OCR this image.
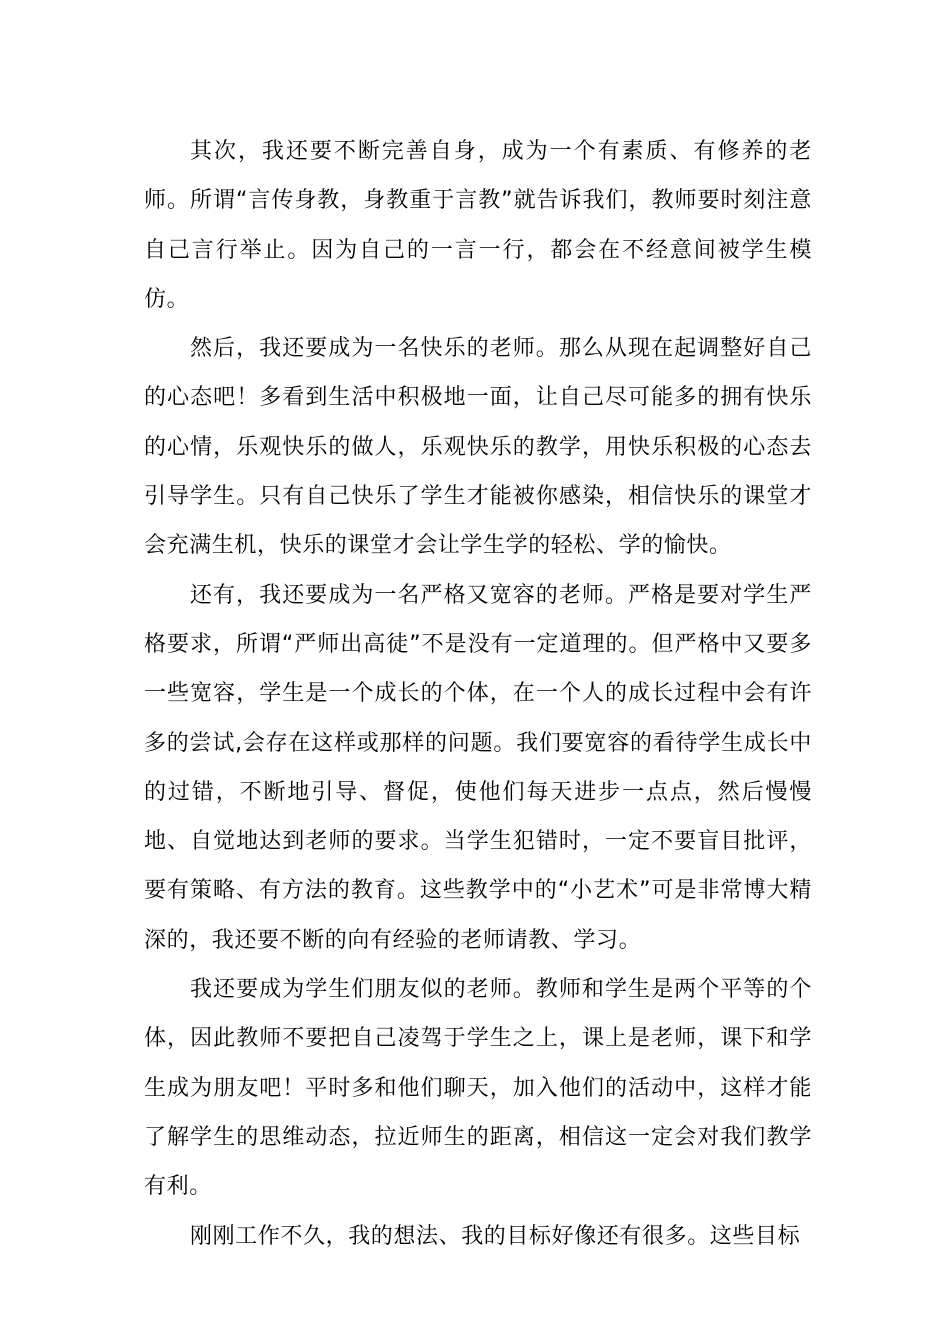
其次，我还要不断完善自身，成为一个有素质、有修养的老师。所谓“言传身教，身教重于言教”就告诉我们，教师要时刻注意自己言行举止。因为自己的一言一行，都会在不经意间被学生模仿。

然后，我还要成为一名快乐的老师。那么从现在起调整好自己的心态吧！多看到生活中积极地一面，让自己尽可能多的拥有快乐的心情，乐观快乐的做人，乐观快乐的教学，用快乐积极的心态去引导学生。只有自己快乐了学生才能被你感染，相信快乐的课堂才会充满生机，快乐的课堂才会让学生学的轻松、学的愉快。

还有，我还要成为一名严格又宽容的老师。严格是要对学生严格要求，所谓“严师出高徒”不是没有一定道理的。但严格中又要多一些宽容，学生是一个成长的个体，在一个人的成长过程中会有许多的尝试,会存在这样或那样的问题。我们要宽容的看待学生成长中的过错，不断地引导、督促，使他们每天进步一点点，然后慢慢地、自觉地达到老师的要求。当学生犯错时，一定不要盲目批评，要有策略、有方法的教育。这些教学中的“小艺术”可是非常博大精深的，我还要不断的向有经验的老师请教、学习。

我还要成为学生们朋友似的老师。教师和学生是两个平等的个体，因此教师不要把自己凌驾于学生之上，课上是老师，课下和学生成为朋友吧！平时多和他们聊天，加入他们的活动中，这样才能了解学生的思维动态，拉近师生的距离，相信这一定会对我们教学有利。

刚刚工作不久，我的想法、我的目标好像还有很多。这些目标
